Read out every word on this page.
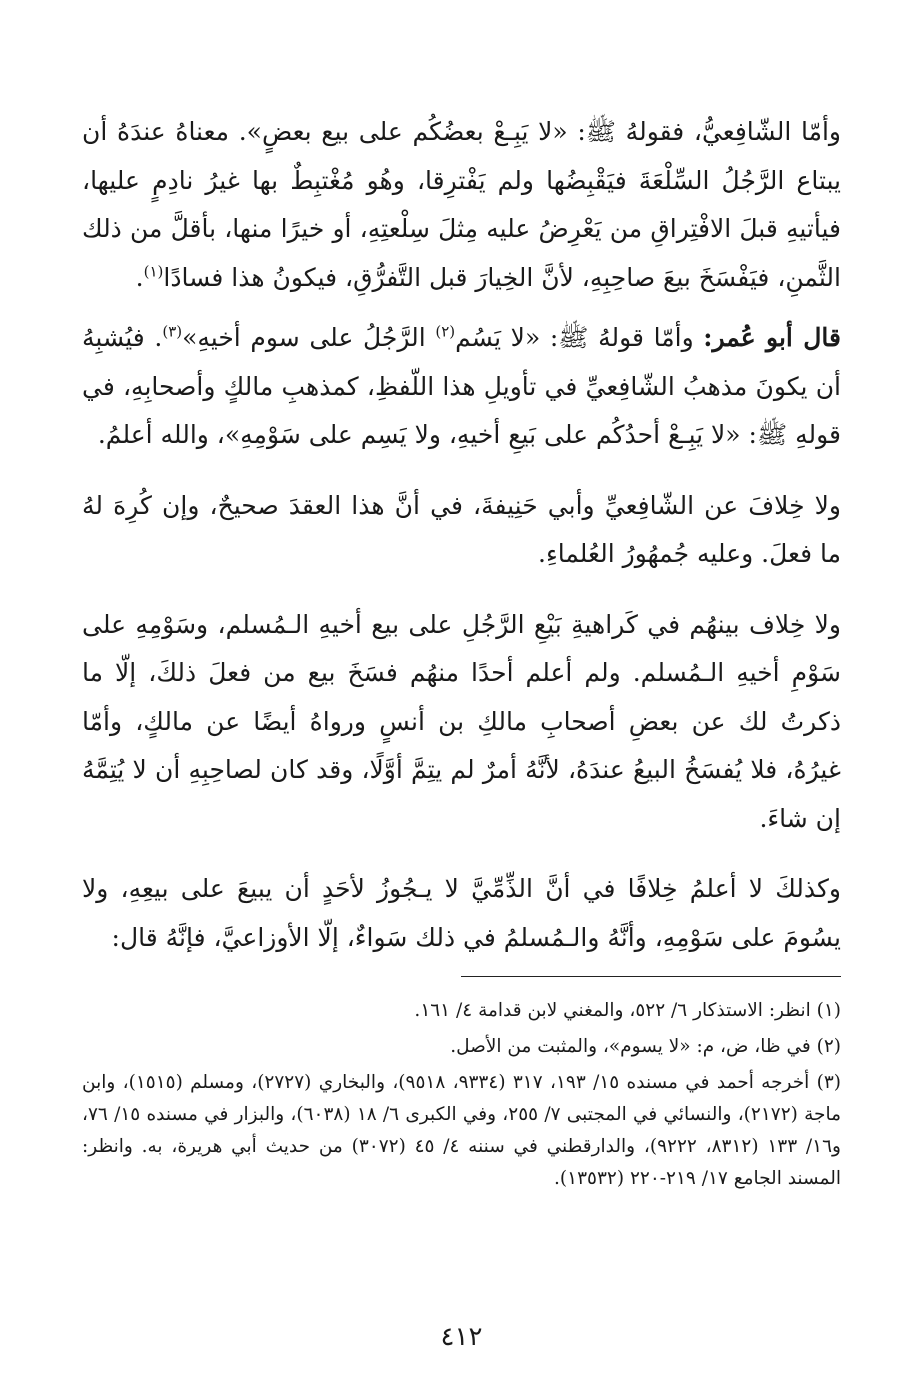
وأمّا الشّافِعيُّ، فقولهُ ﷺ: «لا يَبِـعْ بعضُكُم على بيع بعضٍ». معناهُ عندَهُ أن يبتاع الرَّجُلُ السِّلْعَةَ فيَقْبِضُها ولم يَفْترِقا، وهُو مُغْتبِطٌ بها غيرُ نادِمٍ عليها، فيأتيهِ قبلَ الافْتِراقِ من يَعْرِضُ عليه مِثلَ سِلْعتِهِ، أو خيرًا منها، بأقلَّ من ذلك الثَّمنِ، فيَفْسَخَ بيعَ صاحِبِهِ، لأنَّ الخِيارَ قبل التَّفرُّقِ، فيكونُ هذا فسادًا$^{(١)}$.

قال أبو عُمر: وأمّا قولهُ ﷺ: «لا يَسُم$^{(٢)}$ الرَّجُلُ على سوم أخيهِ»$^{(٣)}$. فيُشبِهُ أن يكونَ مذهبُ الشّافِعيِّ في تأويلِ هذا اللّفظِ، كمذهبِ مالكٍ وأصحابِهِ، في قولهِ ﷺ: «لا يَبِـعْ أحدُكُم على بَيعِ أخيهِ، ولا يَسِم على سَوْمِهِ»، والله أعلمُ.

ولا خِلافَ عن الشّافِعيِّ وأبي حَنِيفةَ، في أنَّ هذا العقدَ صحيحٌ، وإن كُرِهَ لهُ ما فعلَ. وعليه جُمهُورُ العُلماءِ.

ولا خِلاف بينهُم في كَراهيةِ بَيْعِ الرَّجُلِ على بيع أخيهِ الـمُسلم، وسَوْمِهِ على سَوْمِ أخيهِ الـمُسلم. ولم أعلم أحدًا منهُم فسَخَ بيع من فعلَ ذلكَ، إلّا ما ذكرتُ لك عن بعضِ أصحابِ مالكِ بن أنسٍ ورواهُ أيضًا عن مالكٍ، وأمّا غيرُهُ، فلا يُفسَخُ البيعُ عندَهُ، لأنَّهُ أمرٌ لم يتِمَّ أوَّلًا، وقد كان لصاحِبِهِ أن لا يُتِمَّهُ إن شاءَ.

وكذلكَ لا أعلمُ خِلافًا في أنَّ الذِّمِّيَّ لا يـجُوزُ لأحَدٍ أن يبيعَ على بيعِهِ، ولا يسُومَ على سَوْمِهِ، وأنَّهُ والـمُسلمُ في ذلك سَواءٌ، إلّا الأوزاعيَّ، فإنَّهُ قال:

(١) انظر: الاستذكار ٦/ ٥٢٢، والمغني لابن قدامة ٤/ ١٦١.

(٢) في ظا، ض، م: «لا يسوم»، والمثبت من الأصل.

(٣) أخرجه أحمد في مسنده ١٥/ ١٩٣، ٣١٧ (٩٣٣٤، ٩٥١٨)، والبخاري (٢٧٢٧)، ومسلم (١٥١٥)، وابن ماجة (٢١٧٢)، والنسائي في المجتبى ٧/ ٢٥٥، وفي الكبرى ٦/ ١٨ (٦٠٣٨)، والبزار في مسنده ١٥/ ٧٦، و١٦/ ١٣٣ (٨٣١٢، ٩٢٢٢)، والدارقطني في سننه ٤/ ٤٥ (٣٠٧٢) من حديث أبي هريرة، به. وانظر: المسند الجامع ١٧/ ٢١٩-٢٢٠ (١٣٥٣٢).

٤١٢
